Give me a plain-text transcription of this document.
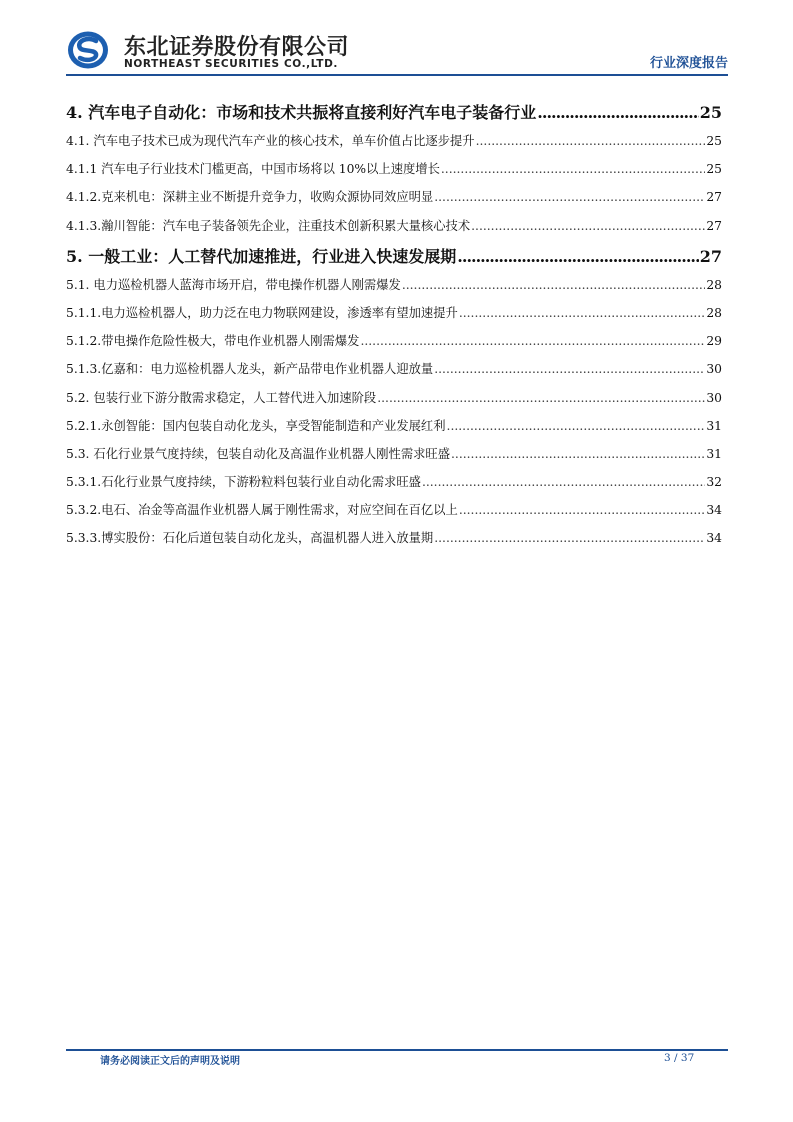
东北证券股份有限公司
NORTHEAST SECURITIES CO.,LTD.	行业深度报告
4. 汽车电子自动化：市场和技术共振将直接利好汽车电子装备行业 .....	25
4.1. 汽车电子技术已成为现代汽车产业的核心技术，单车价值占比逐步提升 .....	25
4.1.1 汽车电子行业技术门槛更高，中国市场将以 10%以上速度增长 .....	25
4.1.2.克来机电：深耕主业不断提升竞争力，收购众源协同效应明显 .....	27
4.1.3.瀚川智能：汽车电子装备领先企业，注重技术创新积累大量核心技术 .....	27
5. 一般工业：人工替代加速推进，行业进入快速发展期 .....	27
5.1. 电力巡检机器人蓝海市场开启，带电操作机器人刚需爆发 .....	28
5.1.1.电力巡检机器人，助力泛在电力物联网建设，渗透率有望加速提升 .....	28
5.1.2.带电操作危险性极大，带电作业机器人刚需爆发 .....	29
5.1.3.亿嘉和：电力巡检机器人龙头，新产品带电作业机器人迎放量 .....	30
5.2. 包装行业下游分散需求稳定，人工替代进入加速阶段 .....	30
5.2.1.永创智能：国内包装自动化龙头，享受智能制造和产业发展红利 .....	31
5.3. 石化行业景气度持续，包装自动化及高温作业机器人刚性需求旺盛 .....	31
5.3.1.石化行业景气度持续，下游粉粒料包装行业自动化需求旺盛 .....	32
5.3.2.电石、冶金等高温作业机器人属于刚性需求，对应空间在百亿以上 .....	34
5.3.3.博实股份：石化后道包装自动化龙头，高温机器人进入放量期 .....	34
请务必阅读正文后的声明及说明	3 / 37
